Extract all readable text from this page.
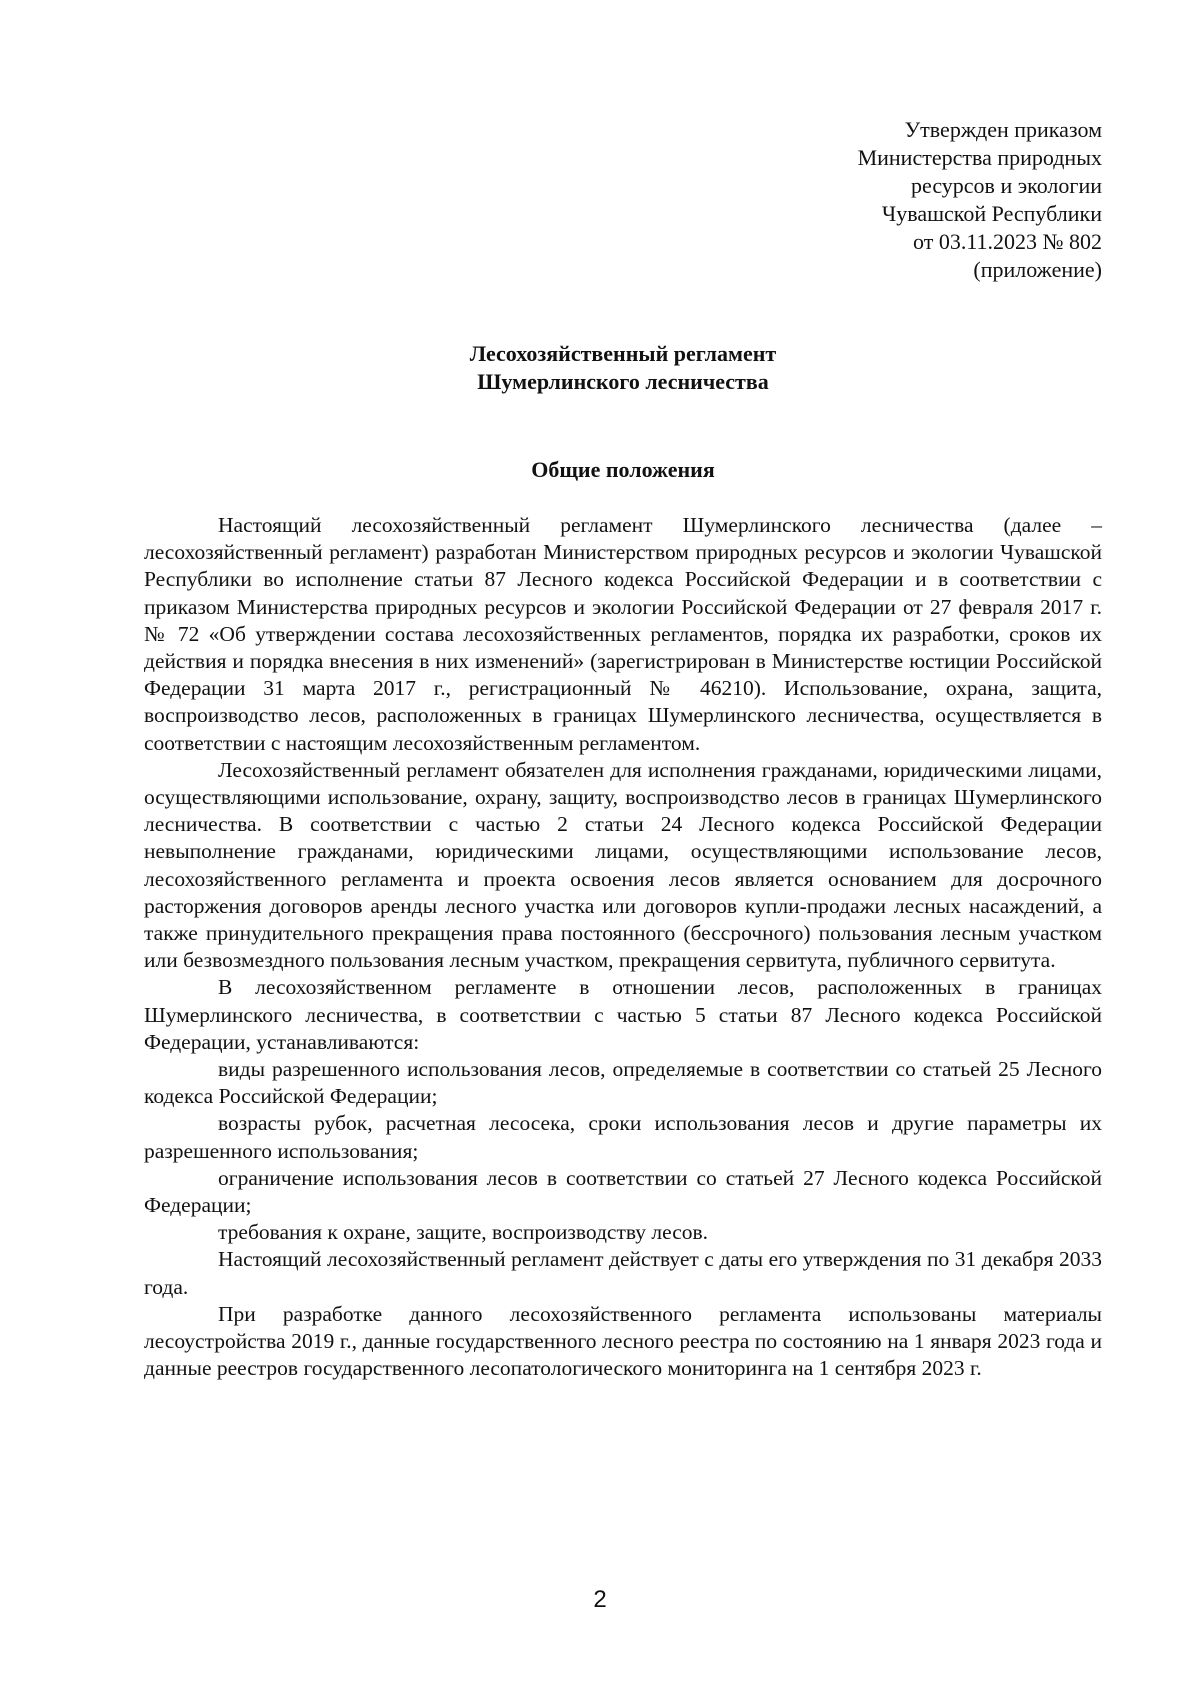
Утвержден приказом
Министерства природных
ресурсов и экологии
Чувашской Республики
от 03.11.2023 № 802
(приложение)
Лесохозяйственный регламент
Шумерлинского лесничества
Общие положения

Настоящий лесохозяйственный регламент Шумерлинского лесничества (далее – лесохозяйственный регламент) разработан Министерством природных ресурсов и экологии Чувашской Республики во исполнение статьи 87 Лесного кодекса Российской Федерации и в соответствии с приказом Министерства природных ресурсов и экологии Российской Федерации от 27 февраля 2017 г. № 72 «Об утверждении состава лесохозяйственных регламентов, порядка их разработки, сроков их действия и порядка внесения в них изменений» (зарегистрирован в Министерстве юстиции Российской Федерации 31 марта 2017 г., регистрационный № 46210). Использование, охрана, защита, воспроизводство лесов, расположенных в границах Шумерлинского лесничества, осуществляется в соответствии с настоящим лесохозяйственным регламентом.

Лесохозяйственный регламент обязателен для исполнения гражданами, юридическими лицами, осуществляющими использование, охрану, защиту, воспроизводство лесов в границах Шумерлинского лесничества. В соответствии с частью 2 статьи 24 Лесного кодекса Российской Федерации невыполнение гражданами, юридическими лицами, осуществляющими использование лесов, лесохозяйственного регламента и проекта освоения лесов является основанием для досрочного расторжения договоров аренды лесного участка или договоров купли-продажи лесных насаждений, а также принудительного прекращения права постоянного (бессрочного) пользования лесным участком или безвозмездного пользования лесным участком, прекращения сервитута, публичного сервитута.

В лесохозяйственном регламенте в отношении лесов, расположенных в границах Шумерлинского лесничества, в соответствии с частью 5 статьи 87 Лесного кодекса Российской Федерации, устанавливаются:

виды разрешенного использования лесов, определяемые в соответствии со статьей 25 Лесного кодекса Российской Федерации;

возрасты рубок, расчетная лесосека, сроки использования лесов и другие параметры их разрешенного использования;

ограничение использования лесов в соответствии со статьей 27 Лесного кодекса Российской Федерации;

требования к охране, защите, воспроизводству лесов.

Настоящий лесохозяйственный регламент действует с даты его утверждения по 31 декабря 2033 года.

При разработке данного лесохозяйственного регламента использованы материалы лесоустройства 2019 г., данные государственного лесного реестра по состоянию на 1 января 2023 года и данные реестров государственного лесопатологического мониторинга на 1 сентября 2023 г.

2
